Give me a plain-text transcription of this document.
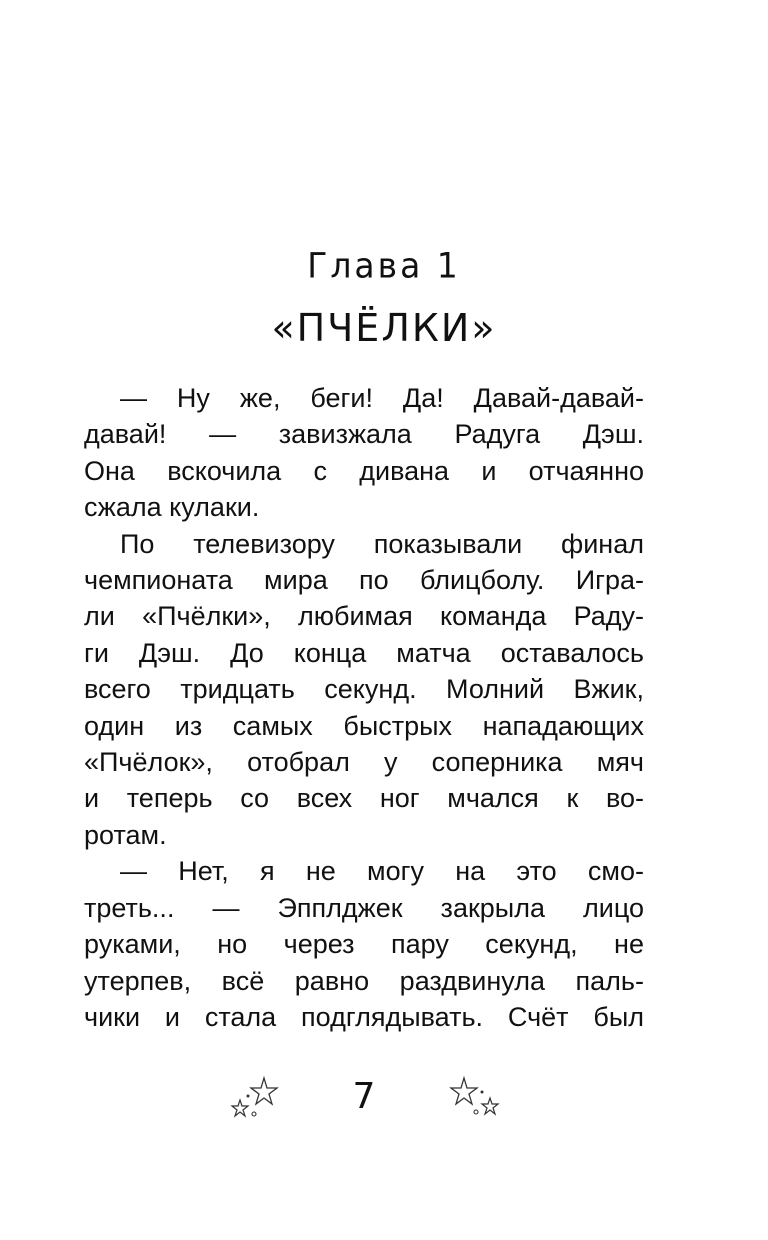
Глава 1
«ПЧЁЛКИ»

— Ну же, беги! Да! Давай-давай-
давай! — завизжала Радуга Дэш.
Она вскочила с дивана и отчаянно
сжала кулаки.

По телевизору показывали финал
чемпионата мира по блицболу. Игра-
ли «Пчёлки», любимая команда Раду-
ги Дэш. До конца матча оставалось
всего тридцать секунд. Молний Вжик,
один из самых быстрых нападающих
«Пчёлок», отобрал у соперника мяч
и теперь со всех ног мчался к во-
ротам.

— Нет, я не могу на это смо-
треть... — Эпплджек закрыла лицо
руками, но через пару секунд, не
утерпев, всё равно раздвинула паль-
чики и стала подглядывать. Счёт был

7
